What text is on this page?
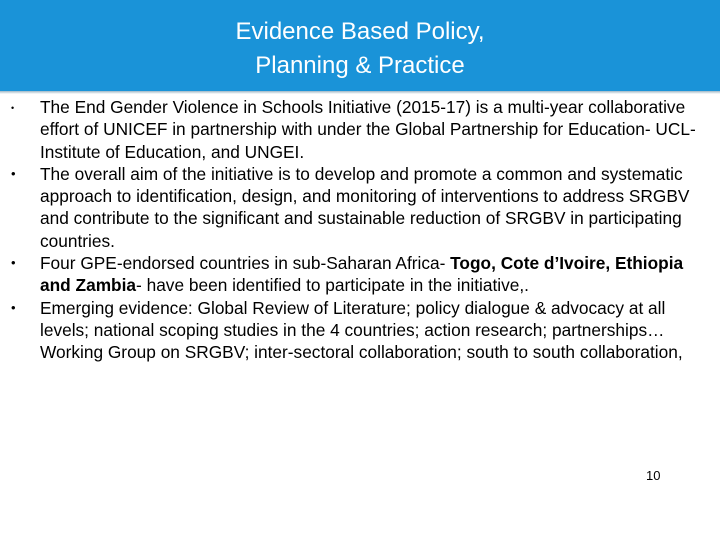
Evidence Based Policy,
Planning & Practice
• The End Gender Violence in Schools Initiative (2015-17) is a multi-year collaborative effort of UNICEF in partnership with under the Global Partnership for Education- UCL-Institute of Education, and UNGEI.
• The overall aim of the initiative is to develop and promote a common and systematic approach to identification, design, and monitoring of interventions to address SRGBV and contribute to the significant and sustainable reduction of SRGBV in participating countries.
• Four GPE-endorsed countries in sub-Saharan Africa- Togo, Cote d’Ivoire, Ethiopia and Zambia- have been identified to participate in the initiative,.
• Emerging evidence: Global Review of Literature; policy dialogue & advocacy at all levels; national scoping studies in the 4 countries; action research; partnerships…Working Group on SRGBV; inter-sectoral collaboration; south to south collaboration,
10
